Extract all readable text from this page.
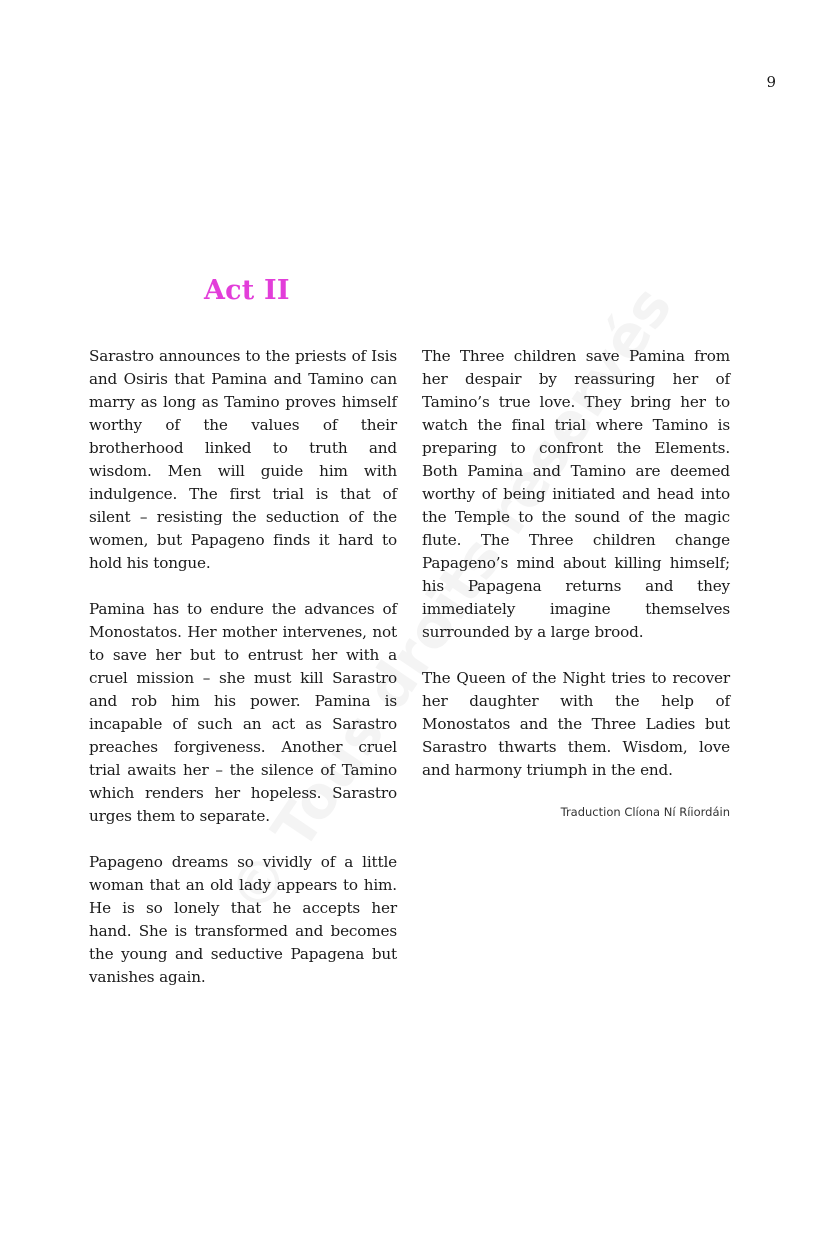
9
Act II

Sarastro announces to the priests of Isis and Osiris that Pamina and Tamino can marry as long as Tamino proves himself worthy of the values of their brotherhood linked to truth and wisdom. Men will guide him with indulgence. The first trial is that of silent – resisting the seduction of the women, but Papageno finds it hard to hold his tongue.

Pamina has to endure the advances of Monostatos. Her mother intervenes, not to save her but to entrust her with a cruel mission – she must kill Sarastro and rob him his power. Pamina is incapable of such an act as Sarastro preaches forgiveness. Another cruel trial awaits her – the silence of Tamino which renders her hopeless. Sarastro urges them to separate.

Papageno dreams so vividly of a little woman that an old lady appears to him. He is so lonely that he accepts her hand. She is transformed and becomes the young and seductive Papagena but vanishes again.

The Three children save Pamina from her despair by reassuring her of Tamino’s true love. They bring her to watch the final trial where Tamino is preparing to confront the Elements. Both Pamina and Tamino are deemed worthy of being initiated and head into the Temple to the sound of the magic flute. The Three children change Papageno’s mind about killing himself; his Papagena returns and they immediately imagine themselves surrounded by a large brood.

The Queen of the Night tries to recover her daughter with the help of Monostatos and the Three Ladies but Sarastro thwarts them. Wisdom, love and harmony triumph in the end.

Traduction Clíona Ní Ríiordáin
